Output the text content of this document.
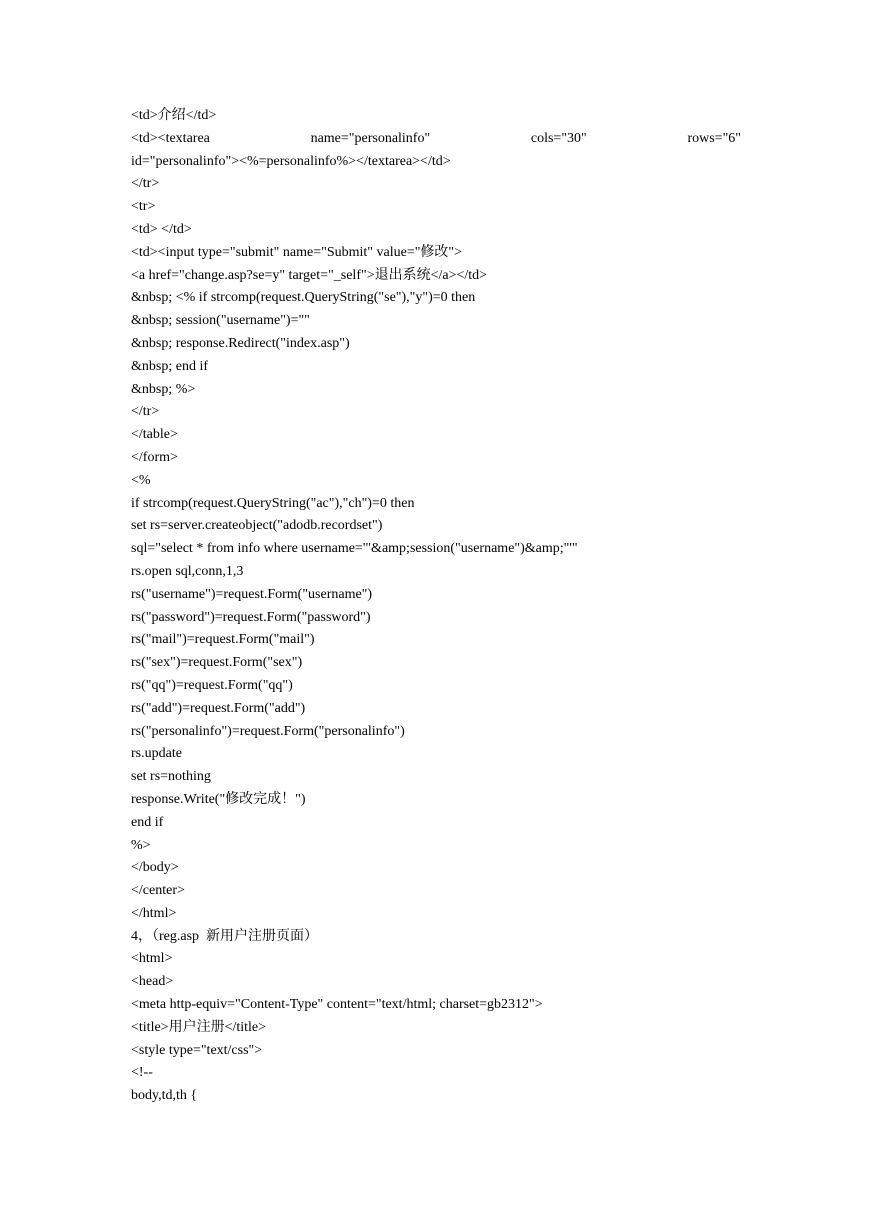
<td>介绍</td>
<td><textarea	name="personalinfo"	cols="30"	rows="6"
id="personalinfo"><%=personalinfo%></textarea></td>
</tr>
<tr>
<td> </td>
<td><input type="submit" name="Submit" value="修改">
<a href="change.asp?se=y" target="_self">退出系统</a></td>
&nbsp; <% if strcomp(request.QueryString("se"),"y")=0 then
&nbsp; session("username")=""
&nbsp; response.Redirect("index.asp")
&nbsp; end if
&nbsp; %>
</tr>
</table>
</form>
<%
if strcomp(request.QueryString("ac"),"ch")=0 then
set rs=server.createobject("adodb.recordset")
sql="select * from info where username='"&amp;session("username")&amp;"'"
rs.open sql,conn,1,3
rs("username")=request.Form("username")
rs("password")=request.Form("password")
rs("mail")=request.Form("mail")
rs("sex")=request.Form("sex")
rs("qq")=request.Form("qq")
rs("add")=request.Form("add")
rs("personalinfo")=request.Form("personalinfo")
rs.update
set rs=nothing
response.Write("修改完成！")
end if
%>
</body>
</center>
</html>
4，（reg.asp  新用户注册页面）
<html>
<head>
<meta http-equiv="Content-Type" content="text/html; charset=gb2312">
<title>用户注册</title>
<style type="text/css">
<!--
body,td,th {
